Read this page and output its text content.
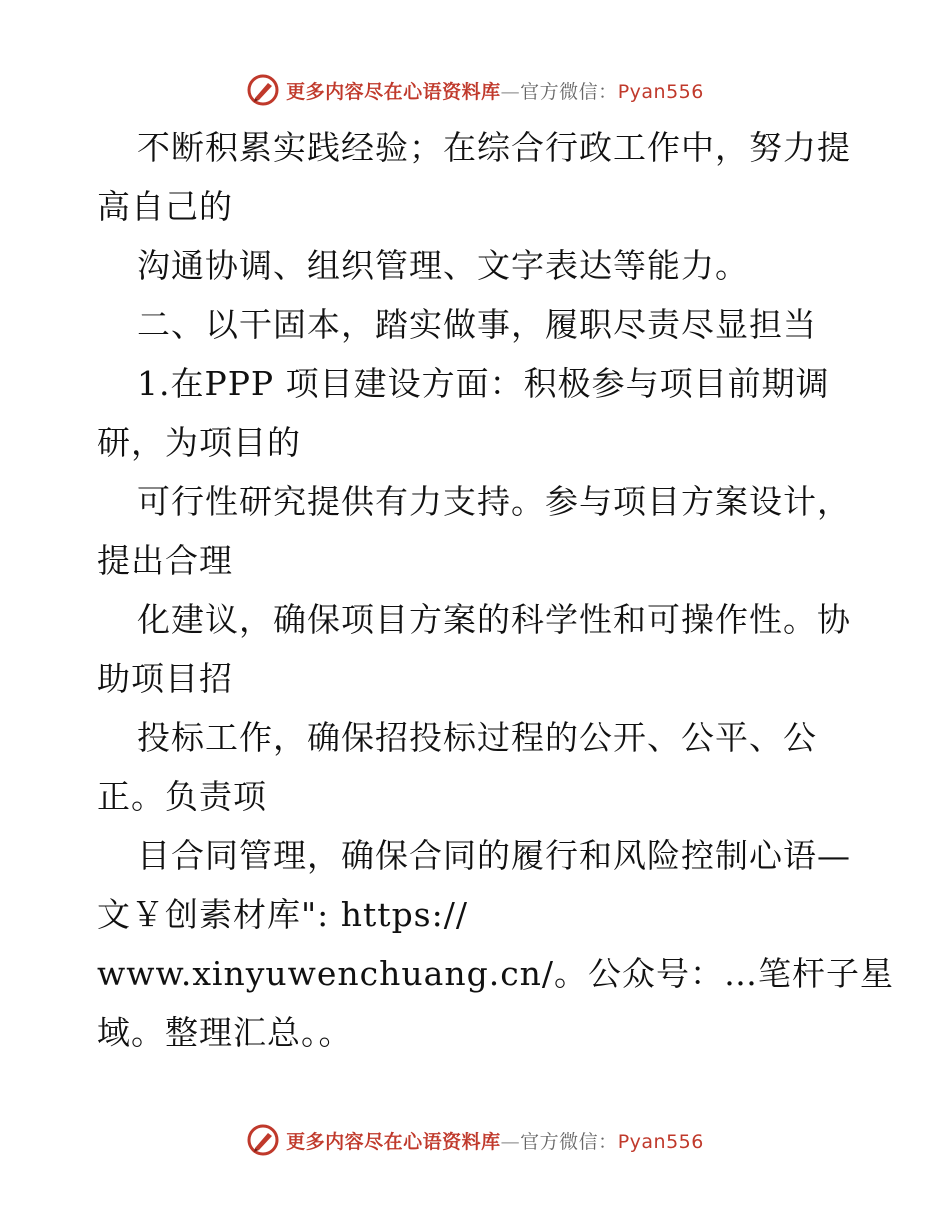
更多内容尽在心语资料库—官方微信：Pyan556
不断积累实践经验；在综合行政工作中，努力提
高自己的
沟通协调、组织管理、文字表达等能力。
二、以干固本，踏实做事，履职尽责尽显担当
1.在PPP 项目建设方面：积极参与项目前期调
研，为项目的
可行性研究提供有力支持。参与项目方案设计，
提出合理
化建议，确保项目方案的科学性和可操作性。协
助项目招
投标工作，确保招投标过程的公开、公平、公
正。负责项
目合同管理，确保合同的履行和风险控制心语—
文￥创素材库": https://
www.xinyuwenchuang.cn/。公众号：…笔杆子星
域。整理汇总。。
更多内容尽在心语资料库—官方微信：Pyan556
